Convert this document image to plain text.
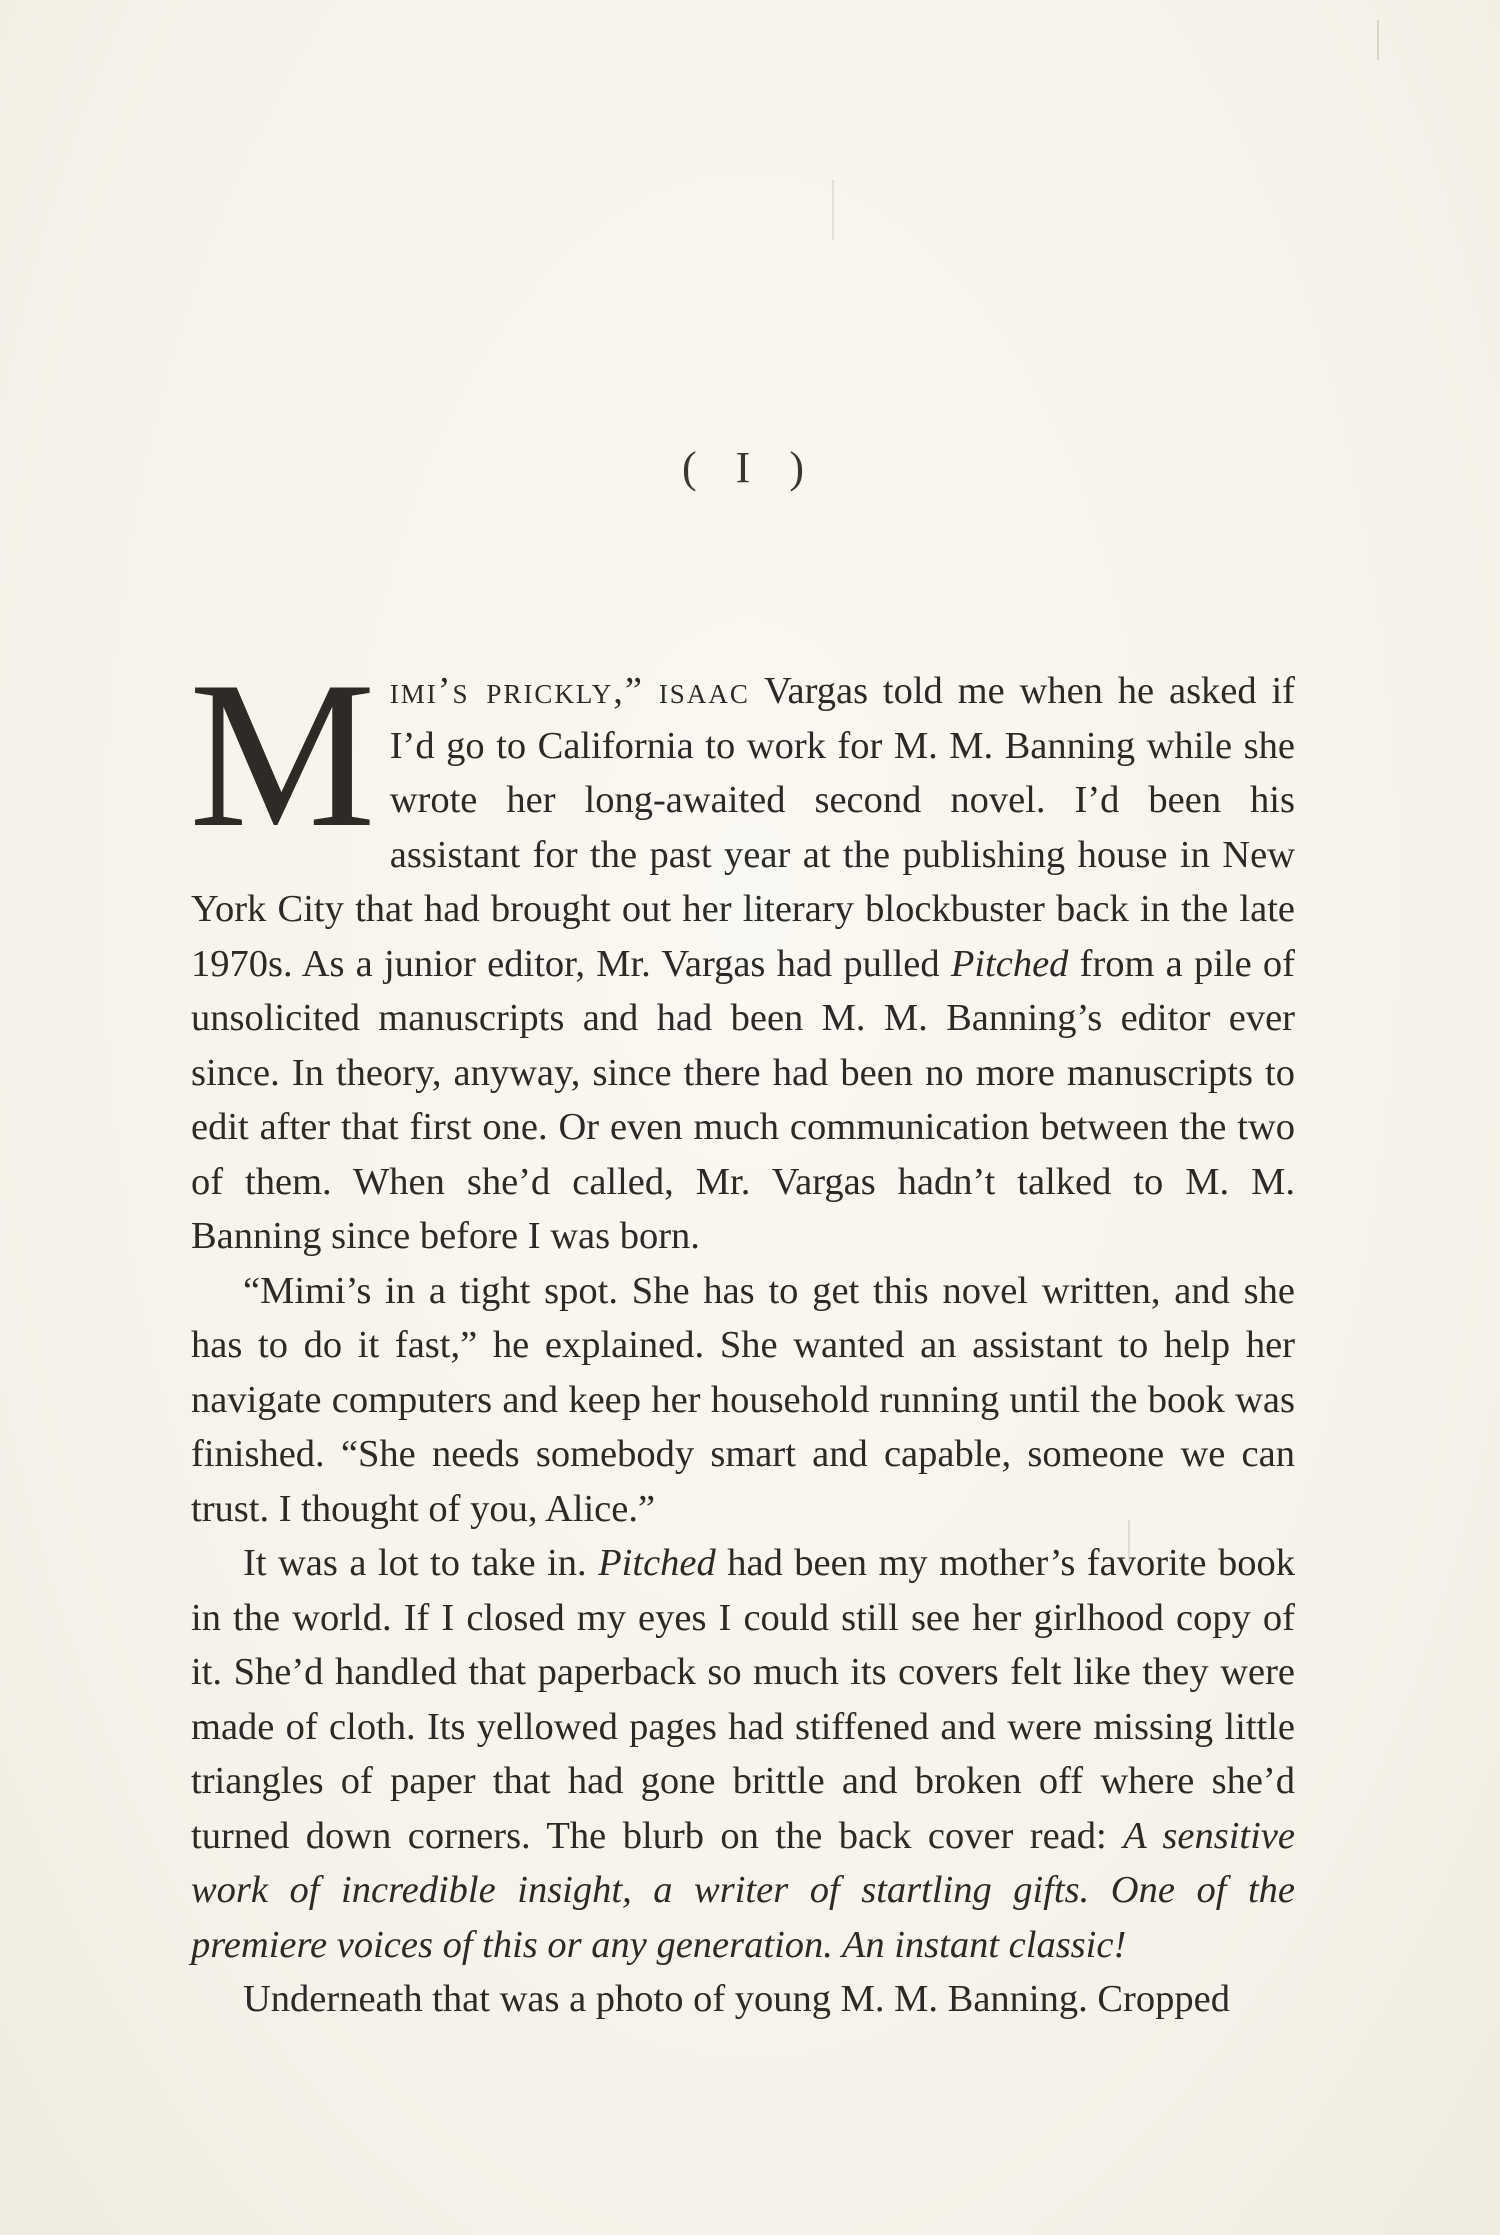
( I )

Mimi’s prickly,” isaac Vargas told me when he asked if I’d go to California to work for M. M. Banning while she wrote her long-awaited second novel. I’d been his assistant for the past year at the publishing house in New York City that had brought out her literary blockbuster back in the late 1970s. As a junior editor, Mr. Vargas had pulled Pitched from a pile of unsolicited manuscripts and had been M. M. Banning’s editor ever since. In theory, anyway, since there had been no more manuscripts to edit after that first one. Or even much communication between the two of them. When she’d called, Mr. Vargas hadn’t talked to M. M. Banning since before I was born.

“Mimi’s in a tight spot. She has to get this novel written, and she has to do it fast,” he explained. She wanted an assistant to help her navigate computers and keep her household running until the book was finished. “She needs somebody smart and capable, someone we can trust. I thought of you, Alice.”

It was a lot to take in. Pitched had been my mother’s favorite book in the world. If I closed my eyes I could still see her girlhood copy of it. She’d handled that paperback so much its covers felt like they were made of cloth. Its yellowed pages had stiffened and were missing little triangles of paper that had gone brittle and broken off where she’d turned down corners. The blurb on the back cover read: A sensitive work of incredible insight, a writer of startling gifts. One of the premiere voices of this or any generation. An instant classic!

Underneath that was a photo of young M. M. Banning. Cropped
